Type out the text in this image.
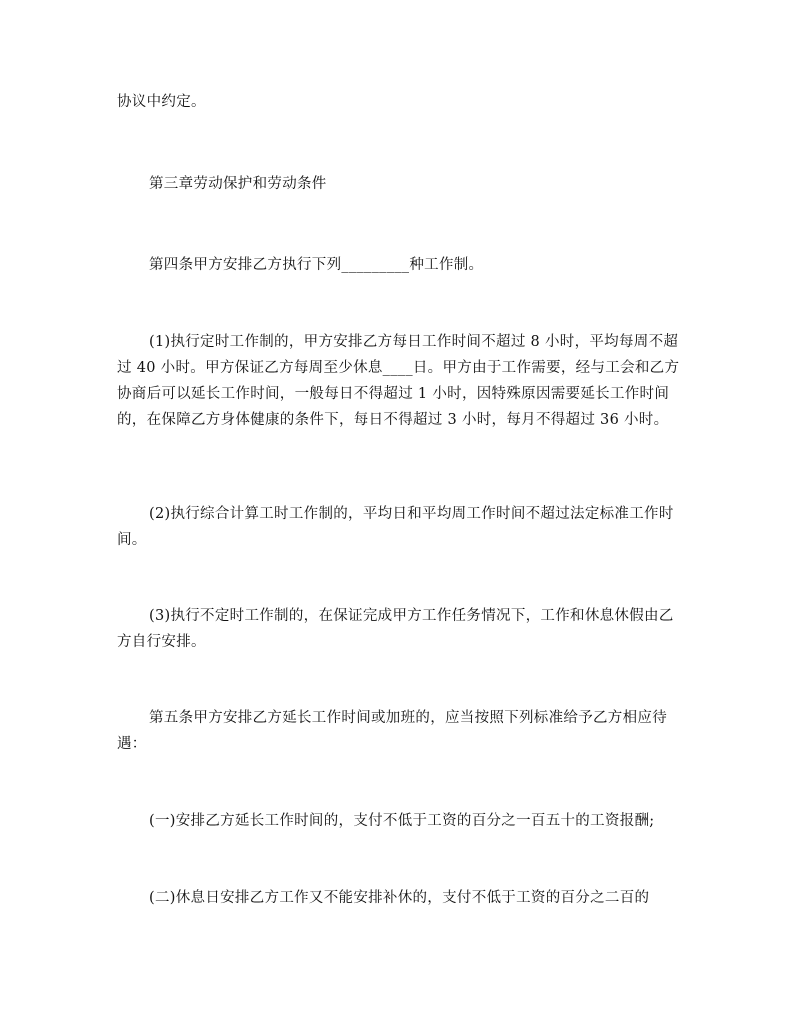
协议中约定。

第三章劳动保护和劳动条件

第四条甲方安排乙方执行下列_________种工作制。

(1)执行定时工作制的，甲方安排乙方每日工作时间不超过 8 小时，平均每周不超过 40 小时。甲方保证乙方每周至少休息____日。甲方由于工作需要，经与工会和乙方协商后可以延长工作时间，一般每日不得超过 1 小时，因特殊原因需要延长工作时间的，在保障乙方身体健康的条件下，每日不得超过 3 小时，每月不得超过 36 小时。

(2)执行综合计算工时工作制的，平均日和平均周工作时间不超过法定标准工作时间。

(3)执行不定时工作制的，在保证完成甲方工作任务情况下，工作和休息休假由乙方自行安排。

第五条甲方安排乙方延长工作时间或加班的，应当按照下列标准给予乙方相应待遇：

(一)安排乙方延长工作时间的，支付不低于工资的百分之一百五十的工资报酬;

(二)休息日安排乙方工作又不能安排补休的，支付不低于工资的百分之二百的
